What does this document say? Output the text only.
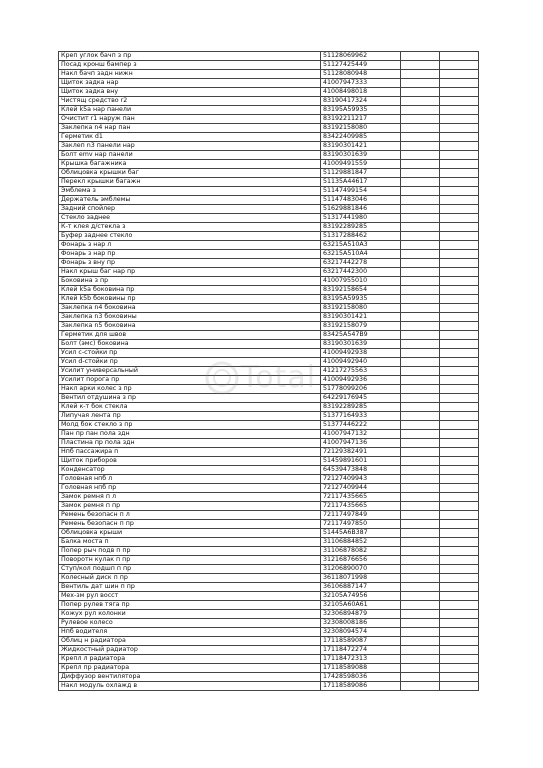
Креп углок бачп з пр	51128069962		
Посад кронш бампер з	51127425449		
Накл бачп задн нижн	51128080948		
Щиток задка нар	41007947333		
Щиток задка вну	41008498018		
Чистящ средство r2	83190417324		
Клей k5a нар панели	83195A59935		
Очистит r1 наруж пан	83192211217		
Заклепка n4 нар пан	83192158080		
Герметик d1	83422409985		
Заклеп n3 панели нар	83190301421		
Болт emv нар панели	83190301639		
Крышка багажника	41009491559		
Облицовка крышки баг	51129881847		
Перекл крышки багажн	51135A44617		
Эмблема з	51147499154		
Держатель эмблемы	51147483046		
Задний спойлер	51629881846		
Стекло заднее	51317441980		
К-т клея д/стекла з	83192289285		
Буфер заднее стекло	51317288462		
Фонарь з нар л	63215A510A3		
Фонарь з нар пр	63215A510A4		
Фонарь з вну пр	63217442278		
Накл крыш баг нар пр	63217442300		
Боковина з пр	41007955010		
Клей k5a боковина пр	83192158654		
Клей k5b боковины пр	83195A59935		
Заклепка n4 боковина	83192158080		
Заклепка n3 боковины	83190301421		
Заклепка n5 боковина	83192158079		
Герметик для швов	83425A547B9		
Болт (эмс) боковина	83190301639		
Усил с-стойки пр	41009492938		
Усил d-стойки пр	41009492940		
Усилит универсальный	41217275563		
Усилит порога пр	41009492936		
Накл арки колес з пр	51778099206		
Вентил отдушина з пр	64229176945		
Клей к-т бок стекла	83192289285		
Липучая лента пр	51377164933		
Молд бок стекло з пр	51377446222		
Пан пр пан пола здн	41007947132		
Пластина пр пола здн	41007947136		
Нпб пассажира п	72129382491		
Щиток приборов	51459891601		
Конденсатор	64539473848		
Головная нпб л	72127409943		
Головная нпб пр	72127409944		
Замок ремня п л	72117435665		
Замок ремня п пр	72117435665		
Ремень безопасн п л	72117497849		
Ремень безопасн п пр	72117497850		
Облицовка крыши	51445A6B387		
Балка моста п	31106884852		
Попер рыч подв п пр	31106878082		
Поворотн кулак п пр	31216876656		
Ступ/кол подшп п пр	31206890070		
Колесный диск п пр	36118071998		
Вентиль дат шин п пр	36106887147		
Мех-зм рул восст	32105A74956		
Попер рулев тяга пр	32105A60A61		
Кожух рул колонки	32306894879		
Рулевое колесо	32308008186		
Нпб водителя	32308094574		
Облиц н радиатора	17118589087		
Жидкостный радиатор	17118472274		
Крепл л радиатора	17118472313		
Крепл пр радиатора	17118589088		
Диффузор вентилятора	17428598036		
Накл модуль охлажд в	17118589086		
Total
